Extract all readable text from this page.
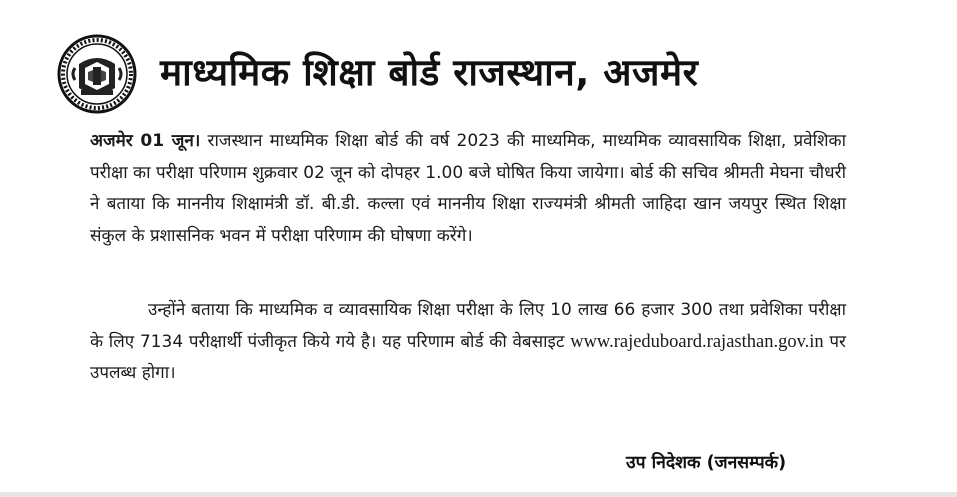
माध्यमिक शिक्षा बोर्ड राजस्थान, अजमेर
अजमेर 01 जून। राजस्थान माध्यमिक शिक्षा बोर्ड की वर्ष 2023 की माध्यमिक, माध्यमिक व्यावसायिक शिक्षा, प्रवेशिका परीक्षा का परीक्षा परिणाम शुक्रवार 02 जून को दोपहर 1.00 बजे घोषित किया जायेगा। बोर्ड की सचिव श्रीमती मेघना चौधरी ने बताया कि माननीय शिक्षामंत्री डॉ. बी.डी. कल्ला एवं माननीय शिक्षा राज्यमंत्री श्रीमती जाहिदा खान जयपुर स्थित शिक्षा संकुल के प्रशासनिक भवन में परीक्षा परिणाम की घोषणा करेंगे।
उन्होंने बताया कि माध्यमिक व व्यावसायिक शिक्षा परीक्षा के लिए 10 लाख 66 हजार 300 तथा प्रवेशिका परीक्षा के लिए 7134 परीक्षार्थी पंजीकृत किये गये है। यह परिणाम बोर्ड की वेबसाइट www.rajeduboard.rajasthan.gov.in पर उपलब्ध होगा।
उप निदेशक (जनसम्पर्क)
